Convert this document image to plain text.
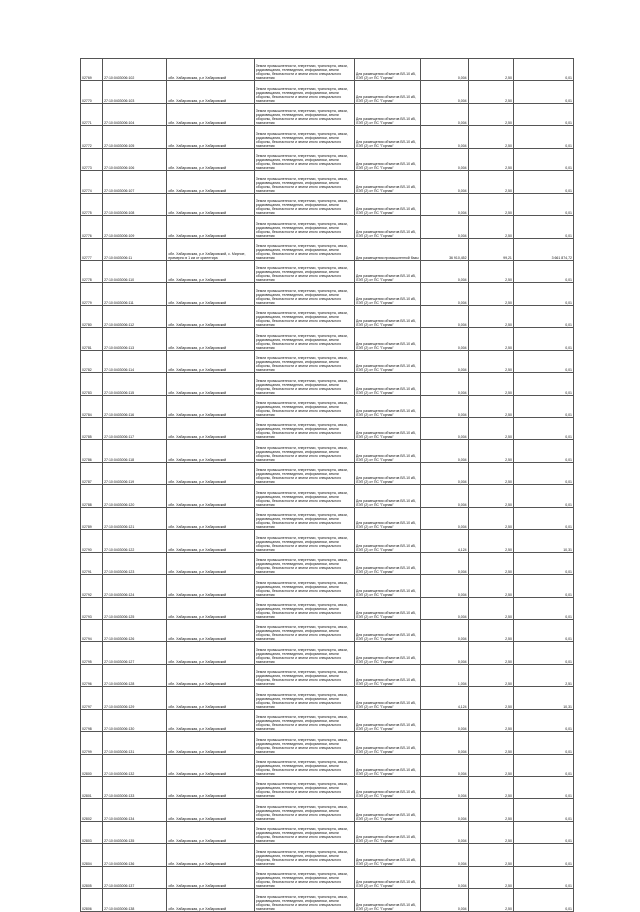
02769	27:10:0403006:102	обл. Хабаровская, р-н Хабаровский	Земли промышленности, энергетики, транспорта, связи, радиовещания, телевидения, информатики, земли обороны, безопасности и земли иного специального назначения	Для размещения объектов ВЛ-10 кВ, ЛЭП (2) от ПС "Горная"	0,004	2,50	0,01
02770	27:10:0403006:103	обл. Хабаровская, р-н Хабаровский	Земли промышленности, энергетики, транспорта, связи, радиовещания, телевидения, информатики, земли обороны, безопасности и земли иного специального назначения	Для размещения объектов ВЛ-10 кВ, ЛЭП (2) от ПС "Горная"	0,004	2,50	0,01
02771	27:10:0403006:104	обл. Хабаровская, р-н Хабаровский	Земли промышленности, энергетики, транспорта, связи, радиовещания, телевидения, информатики, земли обороны, безопасности и земли иного специального назначения	Для размещения объектов ВЛ-10 кВ, ЛЭП (2) от ПС "Горная"	0,004	2,50	0,01
02772	27:10:0403006:105	обл. Хабаровская, р-н Хабаровский	Земли промышленности, энергетики, транспорта, связи, радиовещания, телевидения, информатики, земли обороны, безопасности и земли иного специального назначения	Для размещения объектов ВЛ-10 кВ, ЛЭП (2) от ПС "Горная"	0,004	2,50	0,01
02773	27:10:0403006:106	обл. Хабаровская, р-н Хабаровский	Земли промышленности, энергетики, транспорта, связи, радиовещания, телевидения, информатики, земли обороны, безопасности и земли иного специального назначения	Для размещения объектов ВЛ-10 кВ, ЛЭП (2) от ПС "Горная"	0,004	2,50	0,01
02774	27:10:0403006:107	обл. Хабаровская, р-н Хабаровский	Земли промышленности, энергетики, транспорта, связи, радиовещания, телевидения, информатики, земли обороны, безопасности и земли иного специального назначения	Для размещения объектов ВЛ-10 кВ, ЛЭП (2) от ПС "Горная"	0,004	2,50	0,01
02775	27:10:0403006:108	обл. Хабаровская, р-н Хабаровский	Земли промышленности, энергетики, транспорта, связи, радиовещания, телевидения, информатики, земли обороны, безопасности и земли иного специального назначения	Для размещения объектов ВЛ-10 кВ, ЛЭП (2) от ПС "Горная"	0,004	2,50	0,01
02776	27:10:0403006:109	обл. Хабаровская, р-н Хабаровский	Земли промышленности, энергетики, транспорта, связи, радиовещания, телевидения, информатики, земли обороны, безопасности и земли иного специального назначения	Для размещения объектов ВЛ-10 кВ, ЛЭП (2) от ПС "Горная"	0,004	2,50	0,01
02777	27:10:0403006:11	обл. Хабаровская, р-н Хабаровский, с. Мирное, примерно в 1 км от ориентира	Земли промышленности, энергетики, транспорта, связи, радиовещания, телевидения, информатики, земли обороны, безопасности и земли иного специального назначения	Для размещения промышленной базы	36 910,452	99,21	3 661 874,72
02778	27:10:0403006:110	обл. Хабаровская, р-н Хабаровский	Земли промышленности, энергетики, транспорта, связи, радиовещания, телевидения, информатики, земли обороны, безопасности и земли иного специального назначения	Для размещения объектов ВЛ-10 кВ, ЛЭП (2) от ПС "Горная"	0,004	2,50	0,01
02779	27:10:0403006:111	обл. Хабаровская, р-н Хабаровский	Земли промышленности, энергетики, транспорта, связи, радиовещания, телевидения, информатики, земли обороны, безопасности и земли иного специального назначения	Для размещения объектов ВЛ-10 кВ, ЛЭП (2) от ПС "Горная"	0,004	2,50	0,01
02780	27:10:0403006:112	обл. Хабаровская, р-н Хабаровский	Земли промышленности, энергетики, транспорта, связи, радиовещания, телевидения, информатики, земли обороны, безопасности и земли иного специального назначения	Для размещения объектов ВЛ-10 кВ, ЛЭП (2) от ПС "Горная"	0,004	2,50	0,01
02781	27:10:0403006:113	обл. Хабаровская, р-н Хабаровский	Земли промышленности, энергетики, транспорта, связи, радиовещания, телевидения, информатики, земли обороны, безопасности и земли иного специального назначения	Для размещения объектов ВЛ-10 кВ, ЛЭП (2) от ПС "Горная"	0,004	2,50	0,01
02782	27:10:0403006:114	обл. Хабаровская, р-н Хабаровский	Земли промышленности, энергетики, транспорта, связи, радиовещания, телевидения, информатики, земли обороны, безопасности и земли иного специального назначения	Для размещения объектов ВЛ-10 кВ, ЛЭП (2) от ПС "Горная"	0,004	2,50	0,01
02783	27:10:0403006:115	обл. Хабаровская, р-н Хабаровский	Земли промышленности, энергетики, транспорта, связи, радиовещания, телевидения, информатики, земли обороны, безопасности и земли иного специального назначения	Для размещения объектов ВЛ-10 кВ, ЛЭП (2) от ПС "Горная"	0,004	2,50	0,01
02784	27:10:0403006:116	обл. Хабаровская, р-н Хабаровский	Земли промышленности, энергетики, транспорта, связи, радиовещания, телевидения, информатики, земли обороны, безопасности и земли иного специального назначения	Для размещения объектов ВЛ-10 кВ, ЛЭП (2) от ПС "Горная"	0,004	2,50	0,01
02785	27:10:0403006:117	обл. Хабаровская, р-н Хабаровский	Земли промышленности, энергетики, транспорта, связи, радиовещания, телевидения, информатики, земли обороны, безопасности и земли иного специального назначения	Для размещения объектов ВЛ-10 кВ, ЛЭП (2) от ПС "Горная"	0,004	2,50	0,01
02786	27:10:0403006:118	обл. Хабаровская, р-н Хабаровский	Земли промышленности, энергетики, транспорта, связи, радиовещания, телевидения, информатики, земли обороны, безопасности и земли иного специального назначения	Для размещения объектов ВЛ-10 кВ, ЛЭП (2) от ПС "Горная"	0,004	2,50	0,01
02787	27:10:0403006:119	обл. Хабаровская, р-н Хабаровский	Земли промышленности, энергетики, транспорта, связи, радиовещания, телевидения, информатики, земли обороны, безопасности и земли иного специального назначения	Для размещения объектов ВЛ-10 кВ, ЛЭП (2) от ПС "Горная"	0,004	2,50	0,01
02788	27:10:0403006:120	обл. Хабаровская, р-н Хабаровский	Земли промышленности, энергетики, транспорта, связи, радиовещания, телевидения, информатики, земли обороны, безопасности и земли иного специального назначения	Для размещения объектов ВЛ-10 кВ, ЛЭП (2) от ПС "Горная"	0,004	2,50	0,01
02789	27:10:0403006:121	обл. Хабаровская, р-н Хабаровский	Земли промышленности, энергетики, транспорта, связи, радиовещания, телевидения, информатики, земли обороны, безопасности и земли иного специального назначения	Для размещения объектов ВЛ-10 кВ, ЛЭП (2) от ПС "Горная"	0,004	2,50	0,01
02790	27:10:0403006:122	обл. Хабаровская, р-н Хабаровский	Земли промышленности, энергетики, транспорта, связи, радиовещания, телевидения, информатики, земли обороны, безопасности и земли иного специального назначения	Для размещения объектов ВЛ-10 кВ, ЛЭП (2) от ПС "Горная"	4,124	2,50	10,31
02791	27:10:0403006:123	обл. Хабаровская, р-н Хабаровский	Земли промышленности, энергетики, транспорта, связи, радиовещания, телевидения, информатики, земли обороны, безопасности и земли иного специального назначения	Для размещения объектов ВЛ-10 кВ, ЛЭП (2) от ПС "Горная"	0,004	2,50	0,01
02792	27:10:0403006:124	обл. Хабаровская, р-н Хабаровский	Земли промышленности, энергетики, транспорта, связи, радиовещания, телевидения, информатики, земли обороны, безопасности и земли иного специального назначения	Для размещения объектов ВЛ-10 кВ, ЛЭП (2) от ПС "Горная"	0,004	2,50	0,01
02793	27:10:0403006:125	обл. Хабаровская, р-н Хабаровский	Земли промышленности, энергетики, транспорта, связи, радиовещания, телевидения, информатики, земли обороны, безопасности и земли иного специального назначения	Для размещения объектов ВЛ-10 кВ, ЛЭП (2) от ПС "Горная"	0,004	2,50	0,01
02794	27:10:0403006:126	обл. Хабаровская, р-н Хабаровский	Земли промышленности, энергетики, транспорта, связи, радиовещания, телевидения, информатики, земли обороны, безопасности и земли иного специального назначения	Для размещения объектов ВЛ-10 кВ, ЛЭП (2) от ПС "Горная"	0,004	2,50	0,01
02795	27:10:0403006:127	обл. Хабаровская, р-н Хабаровский	Земли промышленности, энергетики, транспорта, связи, радиовещания, телевидения, информатики, земли обороны, безопасности и земли иного специального назначения	Для размещения объектов ВЛ-10 кВ, ЛЭП (2) от ПС "Горная"	0,004	2,50	0,01
02796	27:10:0403006:128	обл. Хабаровская, р-н Хабаровский	Земли промышленности, энергетики, транспорта, связи, радиовещания, телевидения, информатики, земли обороны, безопасности и земли иного специального назначения	Для размещения объектов ВЛ-10 кВ, ЛЭП (2) от ПС "Горная"	1,004	2,50	2,51
02797	27:10:0403006:129	обл. Хабаровская, р-н Хабаровский	Земли промышленности, энергетики, транспорта, связи, радиовещания, телевидения, информатики, земли обороны, безопасности и земли иного специального назначения	Для размещения объектов ВЛ-10 кВ, ЛЭП (2) от ПС "Горная"	4,124	2,50	10,31
02798	27:10:0403006:130	обл. Хабаровская, р-н Хабаровский	Земли промышленности, энергетики, транспорта, связи, радиовещания, телевидения, информатики, земли обороны, безопасности и земли иного специального назначения	Для размещения объектов ВЛ-10 кВ, ЛЭП (2) от ПС "Горная"	0,004	2,50	0,01
02799	27:10:0403006:131	обл. Хабаровская, р-н Хабаровский	Земли промышленности, энергетики, транспорта, связи, радиовещания, телевидения, информатики, земли обороны, безопасности и земли иного специального назначения	Для размещения объектов ВЛ-10 кВ, ЛЭП (2) от ПС "Горная"	0,004	2,50	0,01
02800	27:10:0403006:132	обл. Хабаровская, р-н Хабаровский	Земли промышленности, энергетики, транспорта, связи, радиовещания, телевидения, информатики, земли обороны, безопасности и земли иного специального назначения	Для размещения объектов ВЛ-10 кВ, ЛЭП (2) от ПС "Горная"	0,004	2,50	0,01
02801	27:10:0403006:133	обл. Хабаровская, р-н Хабаровский	Земли промышленности, энергетики, транспорта, связи, радиовещания, телевидения, информатики, земли обороны, безопасности и земли иного специального назначения	Для размещения объектов ВЛ-10 кВ, ЛЭП (2) от ПС "Горная"	0,004	2,50	0,01
02802	27:10:0403006:134	обл. Хабаровская, р-н Хабаровский	Земли промышленности, энергетики, транспорта, связи, радиовещания, телевидения, информатики, земли обороны, безопасности и земли иного специального назначения	Для размещения объектов ВЛ-10 кВ, ЛЭП (2) от ПС "Горная"	0,004	2,50	0,01
02803	27:10:0403006:135	обл. Хабаровская, р-н Хабаровский	Земли промышленности, энергетики, транспорта, связи, радиовещания, телевидения, информатики, земли обороны, безопасности и земли иного специального назначения	Для размещения объектов ВЛ-10 кВ, ЛЭП (2) от ПС "Горная"	0,004	2,50	0,01
02804	27:10:0403006:136	обл. Хабаровская, р-н Хабаровский	Земли промышленности, энергетики, транспорта, связи, радиовещания, телевидения, информатики, земли обороны, безопасности и земли иного специального назначения	Для размещения объектов ВЛ-10 кВ, ЛЭП (2) от ПС "Горная"	0,004	2,50	0,01
02805	27:10:0403006:137	обл. Хабаровская, р-н Хабаровский	Земли промышленности, энергетики, транспорта, связи, радиовещания, телевидения, информатики, земли обороны, безопасности и земли иного специального назначения	Для размещения объектов ВЛ-10 кВ, ЛЭП (2) от ПС "Горная"	0,004	2,50	0,01
02806	27:10:0403006:138	обл. Хабаровская, р-н Хабаровский	Земли промышленности, энергетики, транспорта, связи, радиовещания, телевидения, информатики, земли обороны, безопасности и земли иного специального назначения	Для размещения объектов ВЛ-10 кВ, ЛЭП (2) от ПС "Горная"	0,004	2,50	0,01
